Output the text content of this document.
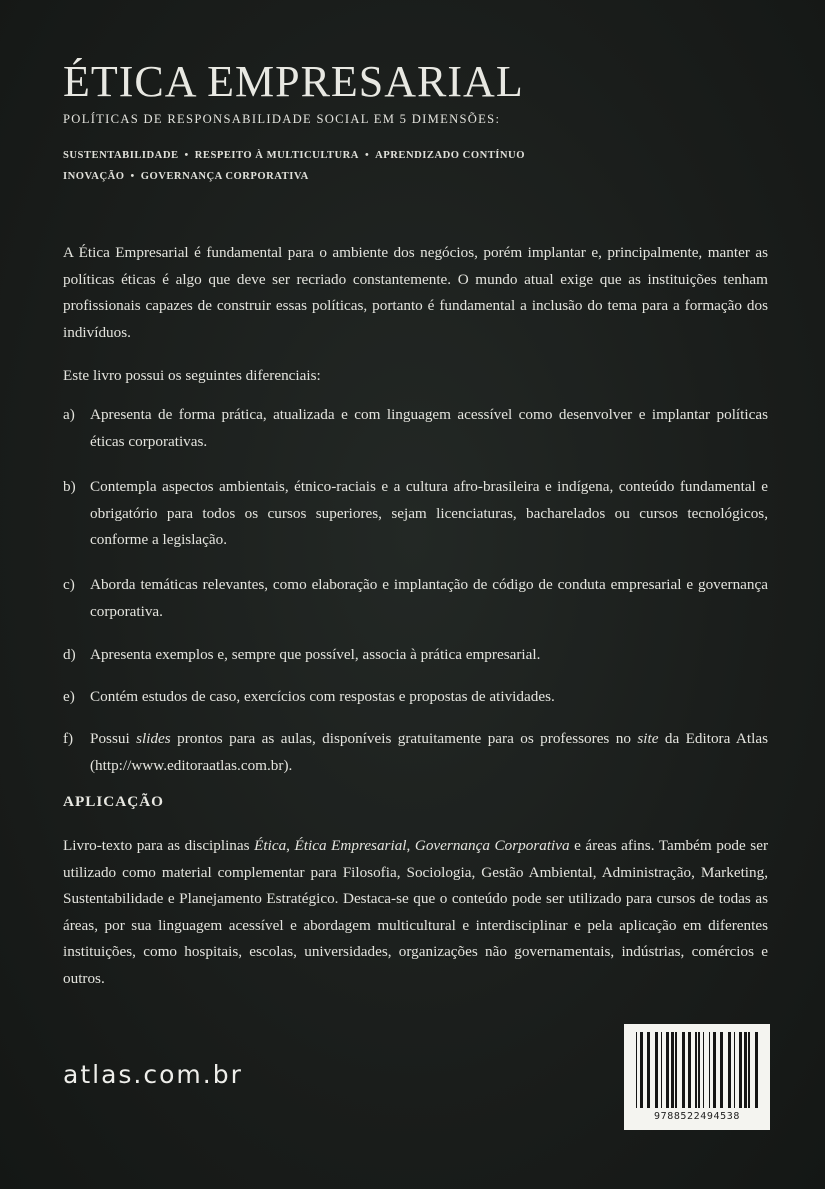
ÉTICA EMPRESARIAL
POLÍTICAS DE RESPONSABILIDADE SOCIAL EM 5 DIMENSÕES:
SUSTENTABILIDADE • RESPEITO À MULTICULTURA • APRENDIZADO CONTÍNUO
INOVAÇÃO • GOVERNANÇA CORPORATIVA
A Ética Empresarial é fundamental para o ambiente dos negócios, porém implantar e, principalmente, manter as políticas éticas é algo que deve ser recriado constantemente. O mundo atual exige que as instituições tenham profissionais capazes de construir essas políticas, portanto é fundamental a inclusão do tema para a formação dos indivíduos.
Este livro possui os seguintes diferenciais:
a) Apresenta de forma prática, atualizada e com linguagem acessível como desenvolver e implantar políticas éticas corporativas.
b) Contempla aspectos ambientais, étnico-raciais e a cultura afro-brasileira e indígena, conteúdo fundamental e obrigatório para todos os cursos superiores, sejam licenciaturas, bacharelados ou cursos tecnológicos, conforme a legislação.
c) Aborda temáticas relevantes, como elaboração e implantação de código de conduta empresarial e governança corporativa.
d) Apresenta exemplos e, sempre que possível, associa à prática empresarial.
e) Contém estudos de caso, exercícios com respostas e propostas de atividades.
f)	Possui slides prontos para as aulas, disponíveis gratuitamente para os professores no site da Editora Atlas (http://www.editoraatlas.com.br).
APLICAÇÃO
Livro-texto para as disciplinas Ética, Ética Empresarial, Governança Corporativa e áreas afins. Também pode ser utilizado como material complementar para Filosofia, Sociologia, Gestão Ambiental, Administração, Marketing, Sustentabilidade e Planejamento Estratégico. Destaca-se que o conteúdo pode ser utilizado para cursos de todas as áreas, por sua linguagem acessível e abordagem multicultural e interdisciplinar e pela aplicação em diferentes instituições, como hospitais, escolas, universidades, organizações não governamentais, indústrias, comércios e outros.
atlas.com.br
9788522494538
